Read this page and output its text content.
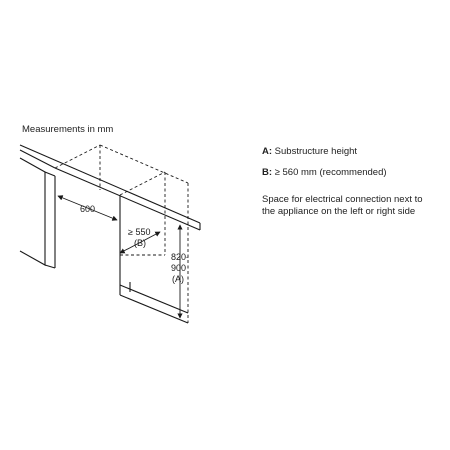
Measurements in mm
A: Substructure height
B: ≥ 560 mm (recommended)
Space for electrical connection next to
the appliance on the left or right side
600
≥ 550
(B)
820-
900
(A)
